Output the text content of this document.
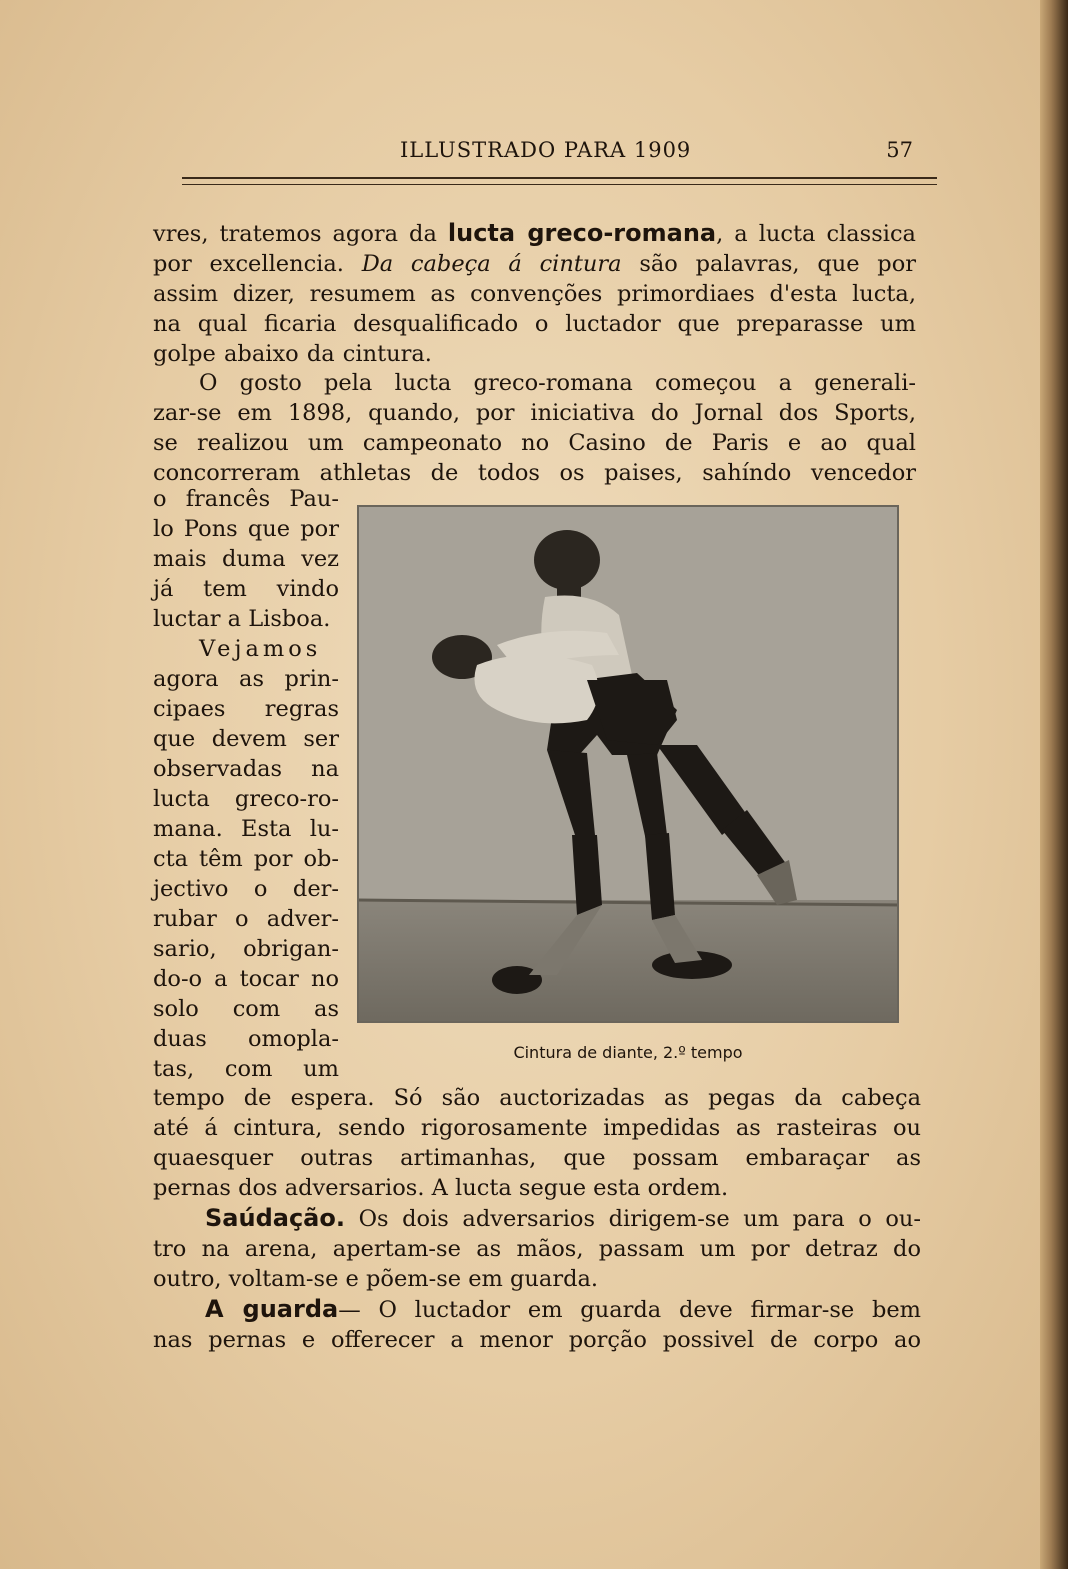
ILLUSTRADO PARA 1909	57
vres, tratemos agora da lucta greco-romana, a lucta classica
por excellencia. Da cabeça á cintura são palavras, que por
assim dizer, resumem as convenções primordiaes d'esta lucta,
na qual ficaria desqualificado o luctador que preparasse um
golpe abaixo da cintura.
O gosto pela lucta greco-romana começou a generali-
zar-se em 1898, quando, por iniciativa do Jornal dos Sports,
se realizou um campeonato no Casino de Paris e ao qual
concorreram athletas de todos os paises, sahíndo vencedor
o francês Pau-
lo Pons que por
mais duma vez
já tem vindo
luctar a Lisboa.
Vejamos
agora as prin-
cipaes regras
que devem ser
observadas na
lucta greco-ro-
mana. Esta lu-
cta têm por ob-
jectivo o der-
rubar o adver-
sario, obrigan-
do-o a tocar no
solo com as
duas omopla-
tas, com um
Cintura de diante, 2.º tempo
tempo de espera. Só são auctorizadas as pegas da cabeça
até á cintura, sendo rigorosamente impedidas as rasteiras ou
quaesquer outras artimanhas, que possam embaraçar as
pernas dos adversarios. A lucta segue esta ordem.
Saúdação. Os dois adversarios dirigem-se um para o ou-
tro na arena, apertam-se as mãos, passam um por detraz do
outro, voltam-se e põem-se em guarda.
A guarda— O luctador em guarda deve firmar-se bem
nas pernas e offerecer a menor porção possivel de corpo ao
